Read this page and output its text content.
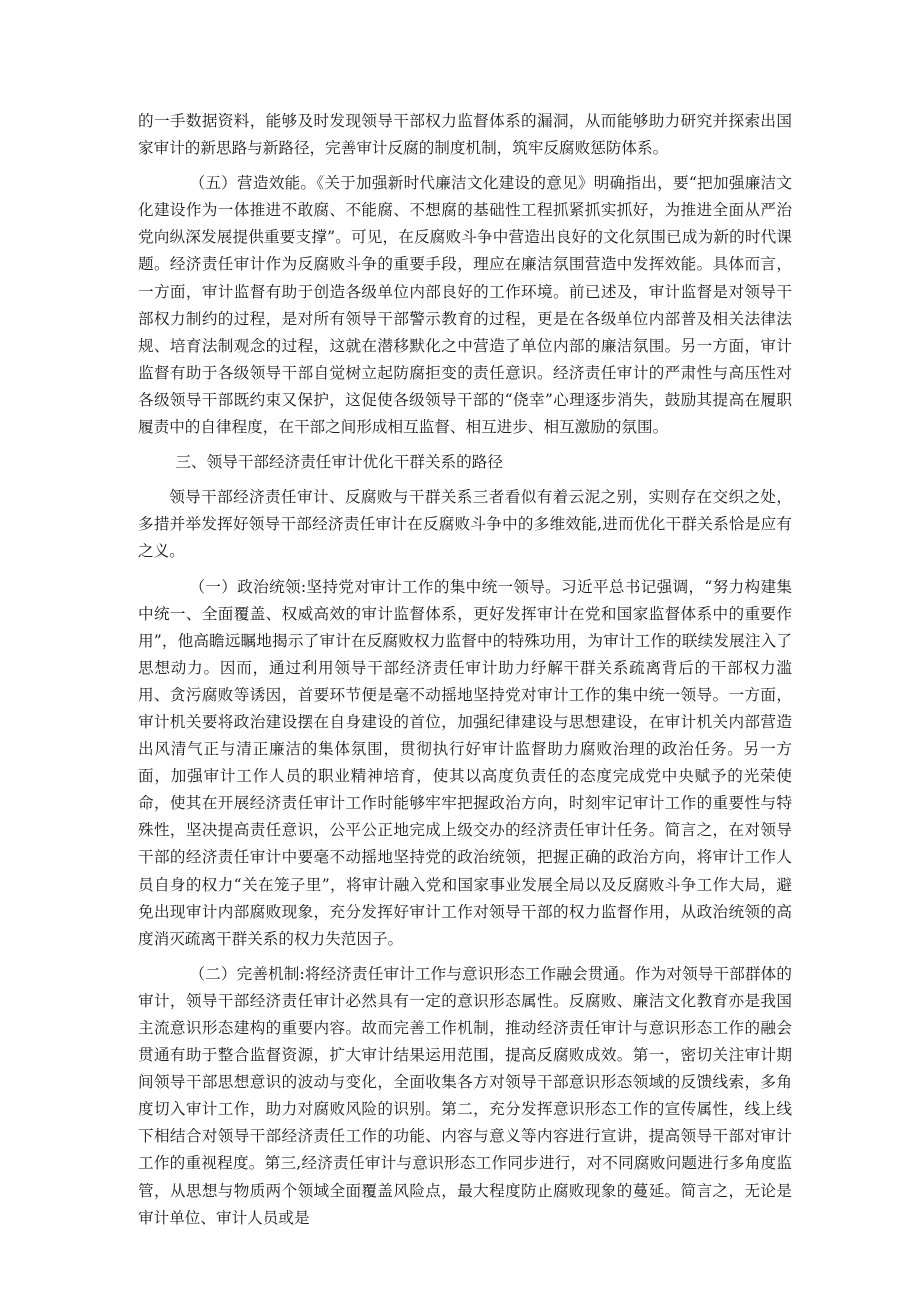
的一手数据资料，能够及时发现领导干部权力监督体系的漏洞，从而能够助力研究并探索出国家审计的新思路与新路径，完善审计反腐的制度机制，筑牢反腐败惩防体系。

（五）营造效能。《关于加强新时代廉洁文化建设的意见》明确指出，要“把加强廉洁文化建设作为一体推进不敢腐、不能腐、不想腐的基础性工程抓紧抓实抓好，为推进全面从严治党向纵深发展提供重要支撑”。可见，在反腐败斗争中营造出良好的文化氛围已成为新的时代课题。经济责任审计作为反腐败斗争的重要手段，理应在廉洁氛围营造中发挥效能。具体而言，一方面，审计监督有助于创造各级单位内部良好的工作环境。前已述及，审计监督是对领导干部权力制约的过程，是对所有领导干部警示教育的过程，更是在各级单位内部普及相关法律法规、培育法制观念的过程，这就在潜移默化之中营造了单位内部的廉洁氛围。另一方面，审计监督有助于各级领导干部自觉树立起防腐拒变的责任意识。经济责任审计的严肃性与高压性对各级领导干部既约束又保护，这促使各级领导干部的“侥幸”心理逐步消失，鼓励其提高在履职履责中的自律程度，在干部之间形成相互监督、相互进步、相互激励的氛围。

三、领导干部经济责任审计优化干群关系的路径

领导干部经济责任审计、反腐败与干群关系三者看似有着云泥之别，实则存在交织之处，多措并举发挥好领导干部经济责任审计在反腐败斗争中的多维效能,进而优化干群关系恰是应有之义。

（一）政治统领:坚持党对审计工作的集中统一领导。习近平总书记强调，“努力构建集中统一、全面覆盖、权威高效的审计监督体系，更好发挥审计在党和国家监督体系中的重要作用”，他高瞻远瞩地揭示了审计在反腐败权力监督中的特殊功用，为审计工作的联续发展注入了思想动力。因而，通过利用领导干部经济责任审计助力纾解干群关系疏离背后的干部权力滥用、贪污腐败等诱因，首要环节便是毫不动摇地坚持党对审计工作的集中统一领导。一方面，审计机关要将政治建设摆在自身建设的首位，加强纪律建设与思想建设，在审计机关内部营造出风清气正与清正廉洁的集体氛围，贯彻执行好审计监督助力腐败治理的政治任务。另一方面，加强审计工作人员的职业精神培育，使其以高度负责任的态度完成党中央赋予的光荣使命，使其在开展经济责任审计工作时能够牢牢把握政治方向，时刻牢记审计工作的重要性与特殊性，坚决提高责任意识，公平公正地完成上级交办的经济责任审计任务。简言之，在对领导干部的经济责任审计中要毫不动摇地坚持党的政治统领，把握正确的政治方向，将审计工作人员自身的权力“关在笼子里”，将审计融入党和国家事业发展全局以及反腐败斗争工作大局，避免出现审计内部腐败现象，充分发挥好审计工作对领导干部的权力监督作用，从政治统领的高度消灭疏离干群关系的权力失范因子。

（二）完善机制:将经济责任审计工作与意识形态工作融会贯通。作为对领导干部群体的审计，领导干部经济责任审计必然具有一定的意识形态属性。反腐败、廉洁文化教育亦是我国主流意识形态建构的重要内容。故而完善工作机制，推动经济责任审计与意识形态工作的融会贯通有助于整合监督资源，扩大审计结果运用范围，提高反腐败成效。第一，密切关注审计期间领导干部思想意识的波动与变化，全面收集各方对领导干部意识形态领域的反馈线索，多角度切入审计工作，助力对腐败风险的识别。第二，充分发挥意识形态工作的宣传属性，线上线下相结合对领导干部经济责任工作的功能、内容与意义等内容进行宣讲，提高领导干部对审计工作的重视程度。第三,经济责任审计与意识形态工作同步进行，对不同腐败问题进行多角度监管，从思想与物质两个领域全面覆盖风险点，最大程度防止腐败现象的蔓延。简言之，无论是审计单位、审计人员或是
